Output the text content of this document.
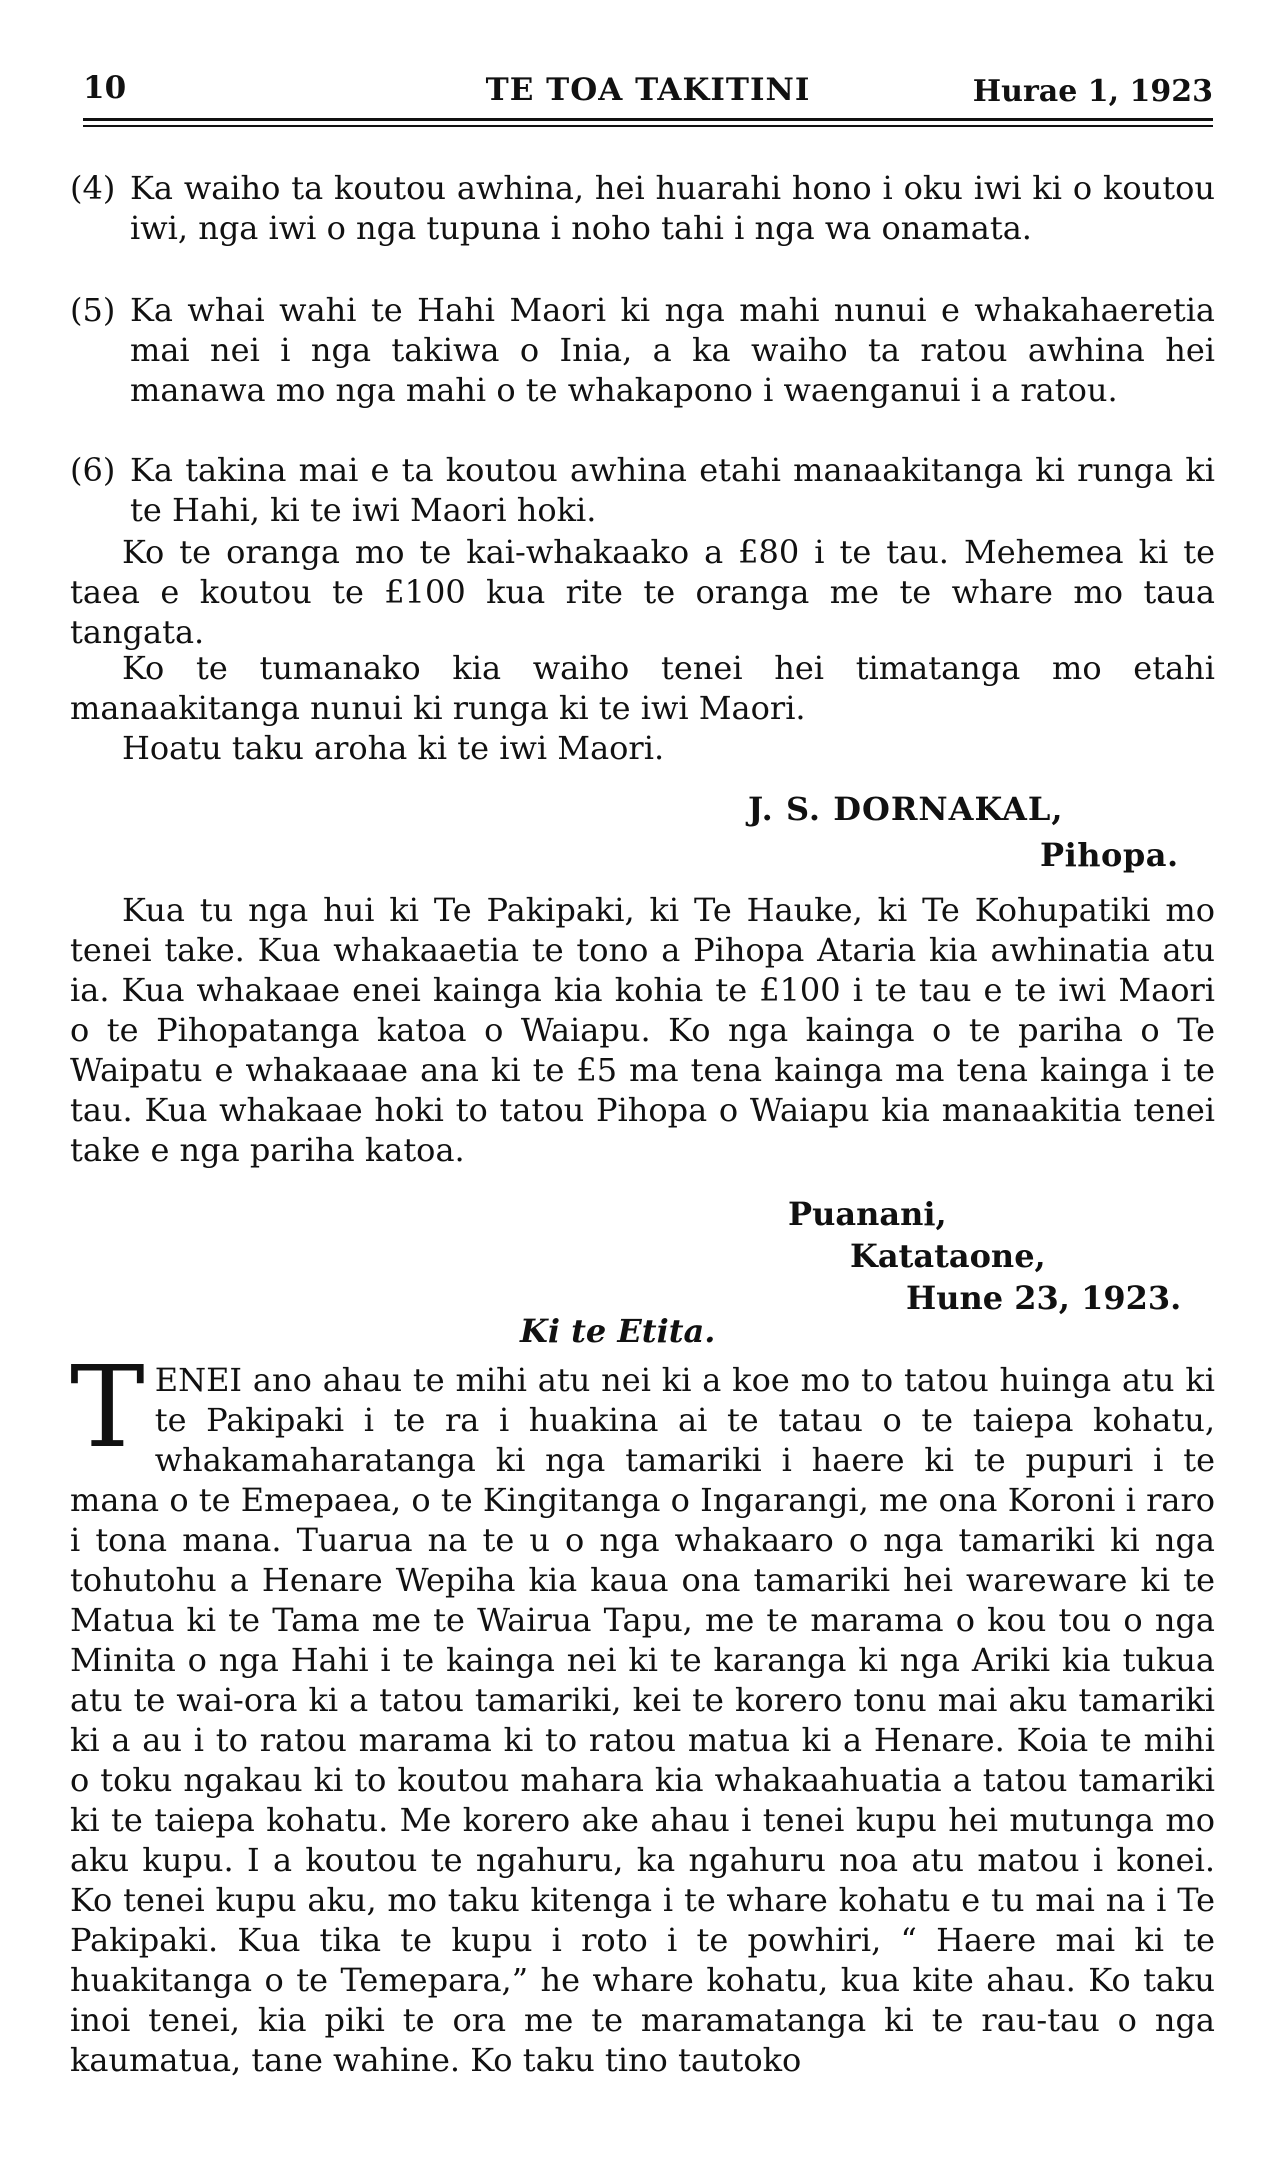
10	TE TOA TAKITINI	Hurae 1, 1923
(4) Ka waiho ta koutou awhina, hei huarahi hono i oku iwi ki o koutou iwi, nga iwi o nga tupuna i noho tahi i nga wa onamata.
(5) Ka whai wahi te Hahi Maori ki nga mahi nunui e whakahaeretia mai nei i nga takiwa o Inia, a ka waiho ta ratou awhina hei manawa mo nga mahi o te whakapono i waenganui i a ratou.
(6) Ka takina mai e ta koutou awhina etahi manaakitanga ki runga ki te Hahi, ki te iwi Maori hoki.
Ko te oranga mo te kai-whakaako a £80 i te tau. Mehemea ki te taea e koutou te £100 kua rite te oranga me te whare mo taua tangata.
Ko te tumanako kia waiho tenei hei timatanga mo etahi manaakitanga nunui ki runga ki te iwi Maori.
Hoatu taku aroha ki te iwi Maori.
J. S. DORNAKAL,
Pihopa.
Kua tu nga hui ki Te Pakipaki, ki Te Hauke, ki Te Kohupatiki mo tenei take. Kua whakaaetia te tono a Pihopa Ataria kia awhinatia atu ia. Kua whakaae enei kainga kia kohia te £100 i te tau e te iwi Maori o te Pihopatanga katoa o Waiapu. Ko nga kainga o te pariha o Te Waipatu e whakaaae ana ki te £5 ma tena kainga ma tena kainga i te tau. Kua whakaae hoki to tatou Pihopa o Waiapu kia manaakitia tenei take e nga pariha katoa.
Puanani,
Katataone,
Hune 23, 1923.
Ki te Etita.
TENEI ano ahau te mihi atu nei ki a koe mo to tatou huinga atu ki te Pakipaki i te ra i huakina ai te tatau o te taiepa kohatu, whakamaharatanga ki nga tamariki i haere ki te pupuri i te mana o te Emepaea, o te Kingitanga o Ingarangi, me ona Koroni i raro i tona mana. Tuarua na te u o nga whakaaro o nga tamariki ki nga tohutohu a Henare Wepiha kia kaua ona tamariki hei wareware ki te Matua ki te Tama me te Wairua Tapu, me te marama o kou tou o nga Minita o nga Hahi i te kainga nei ki te karanga ki nga Ariki kia tukua atu te wai-ora ki a tatou tamariki, kei te korero tonu mai aku tamariki ki a au i to ratou marama ki to ratou matua ki a Henare. Koia te mihi o toku ngakau ki to koutou mahara kia whakaahuatia a tatou tamariki ki te taiepa kohatu. Me korero ake ahau i tenei kupu hei mutunga mo aku kupu. I a koutou te ngahuru, ka ngahuru noa atu matou i konei. Ko tenei kupu aku, mo taku kitenga i te whare kohatu e tu mai na i Te Pakipaki. Kua tika te kupu i roto i te powhiri, “ Haere mai ki te huakitanga o te Temepara,” he whare kohatu, kua kite ahau. Ko taku inoi tenei, kia piki te ora me te maramatanga ki te rau-tau o nga kaumatua, tane wahine. Ko taku tino tautoko
